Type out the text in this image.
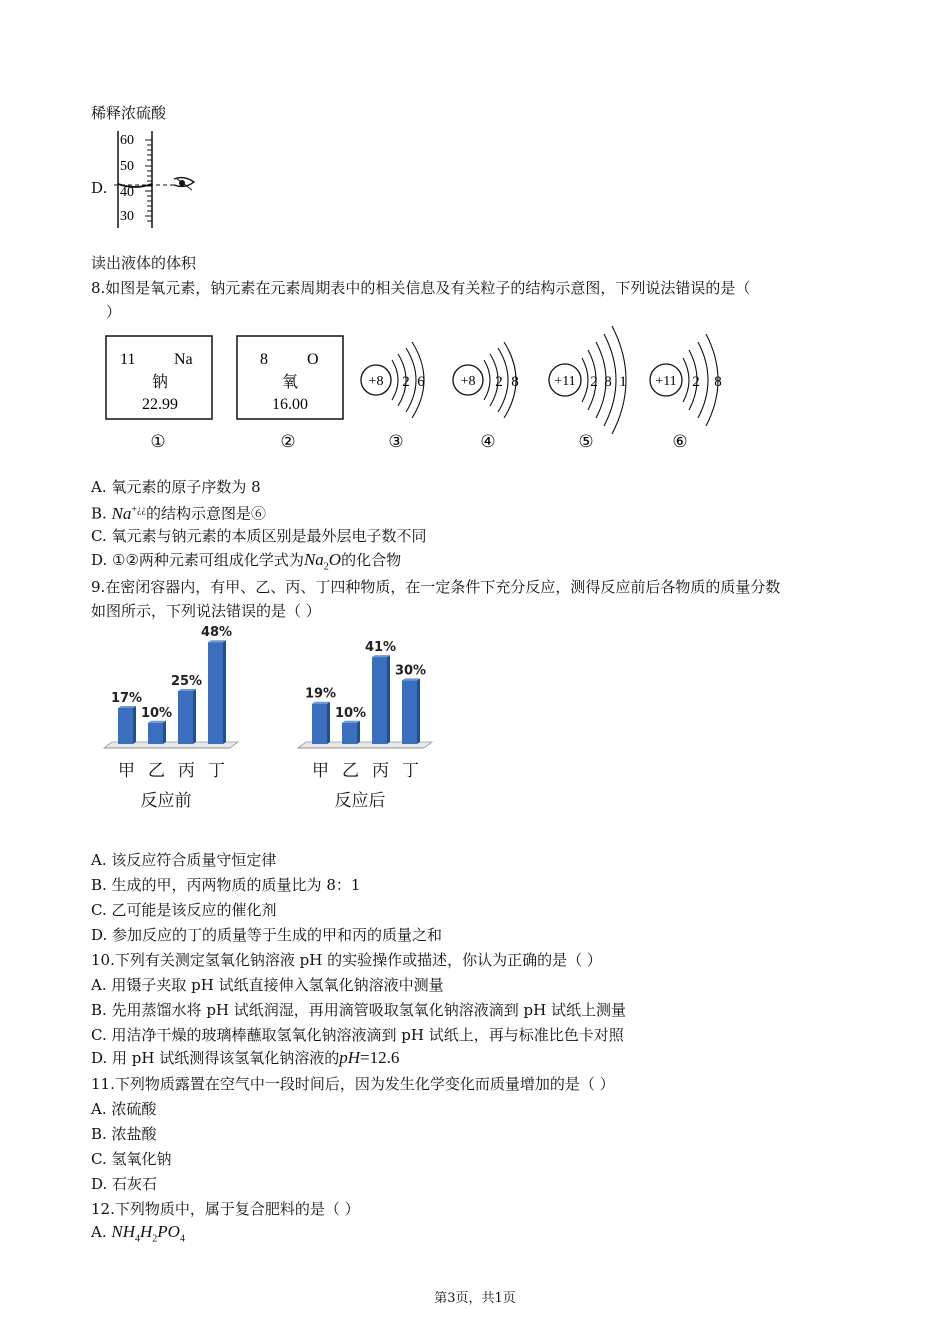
稀释浓硫酸
D.
60
50
40
30
读出液体的体积
8.如图是氧元素，钠元素在元素周期表中的相关信息及有关粒子的结构示意图，下列说法错误的是（
）
11 Na
钠
22.99
①
8 O
氧
16.00
②
+8 2 6
③
+8 2 8
④
+11 2 8 1
⑤
+11 2 8
⑥
A. 氧元素的原子序数为 8
B. Na+¿¿的结构示意图是⑥
C. 氧元素与钠元素的本质区别是最外层电子数不同
D. ①②两种元素可组成化学式为$Na_2O$的化合物
9.在密闭容器内，有甲、乙、丙、丁四种物质，在一定条件下充分反应，测得反应前后各物质的质量分数
如图所示，下列说法错误的是（ ）
17%
甲
10%
乙
25%
丙
48%
丁
反应前
19%
甲
10%
乙
41%
丙
30%
丁
反应后
A. 该反应符合质量守恒定律
B. 生成的甲，丙两物质的质量比为 8：1
C. 乙可能是该反应的催化剂
D. 参加反应的丁的质量等于生成的甲和丙的质量之和
10.下列有关测定氢氧化钠溶液 pH 的实验操作或描述，你认为正确的是（ ）
A. 用镊子夹取 pH 试纸直接伸入氢氧化钠溶液中测量
B. 先用蒸馏水将 pH 试纸润湿，再用滴管吸取氢氧化钠溶液滴到 pH 试纸上测量
C. 用洁净干燥的玻璃棒蘸取氢氧化钠溶液滴到 pH 试纸上，再与标准比色卡对照
D. 用 pH 试纸测得该氢氧化钠溶液的pH=12.6
11.下列物质露置在空气中一段时间后，因为发生化学变化而质量增加的是（ ）
A. 浓硫酸
B. 浓盐酸
C. 氢氧化钠
D. 石灰石
12.下列物质中，属于复合肥料的是（ ）
A. $NH_4H_2PO_4$
第3页，共1页
